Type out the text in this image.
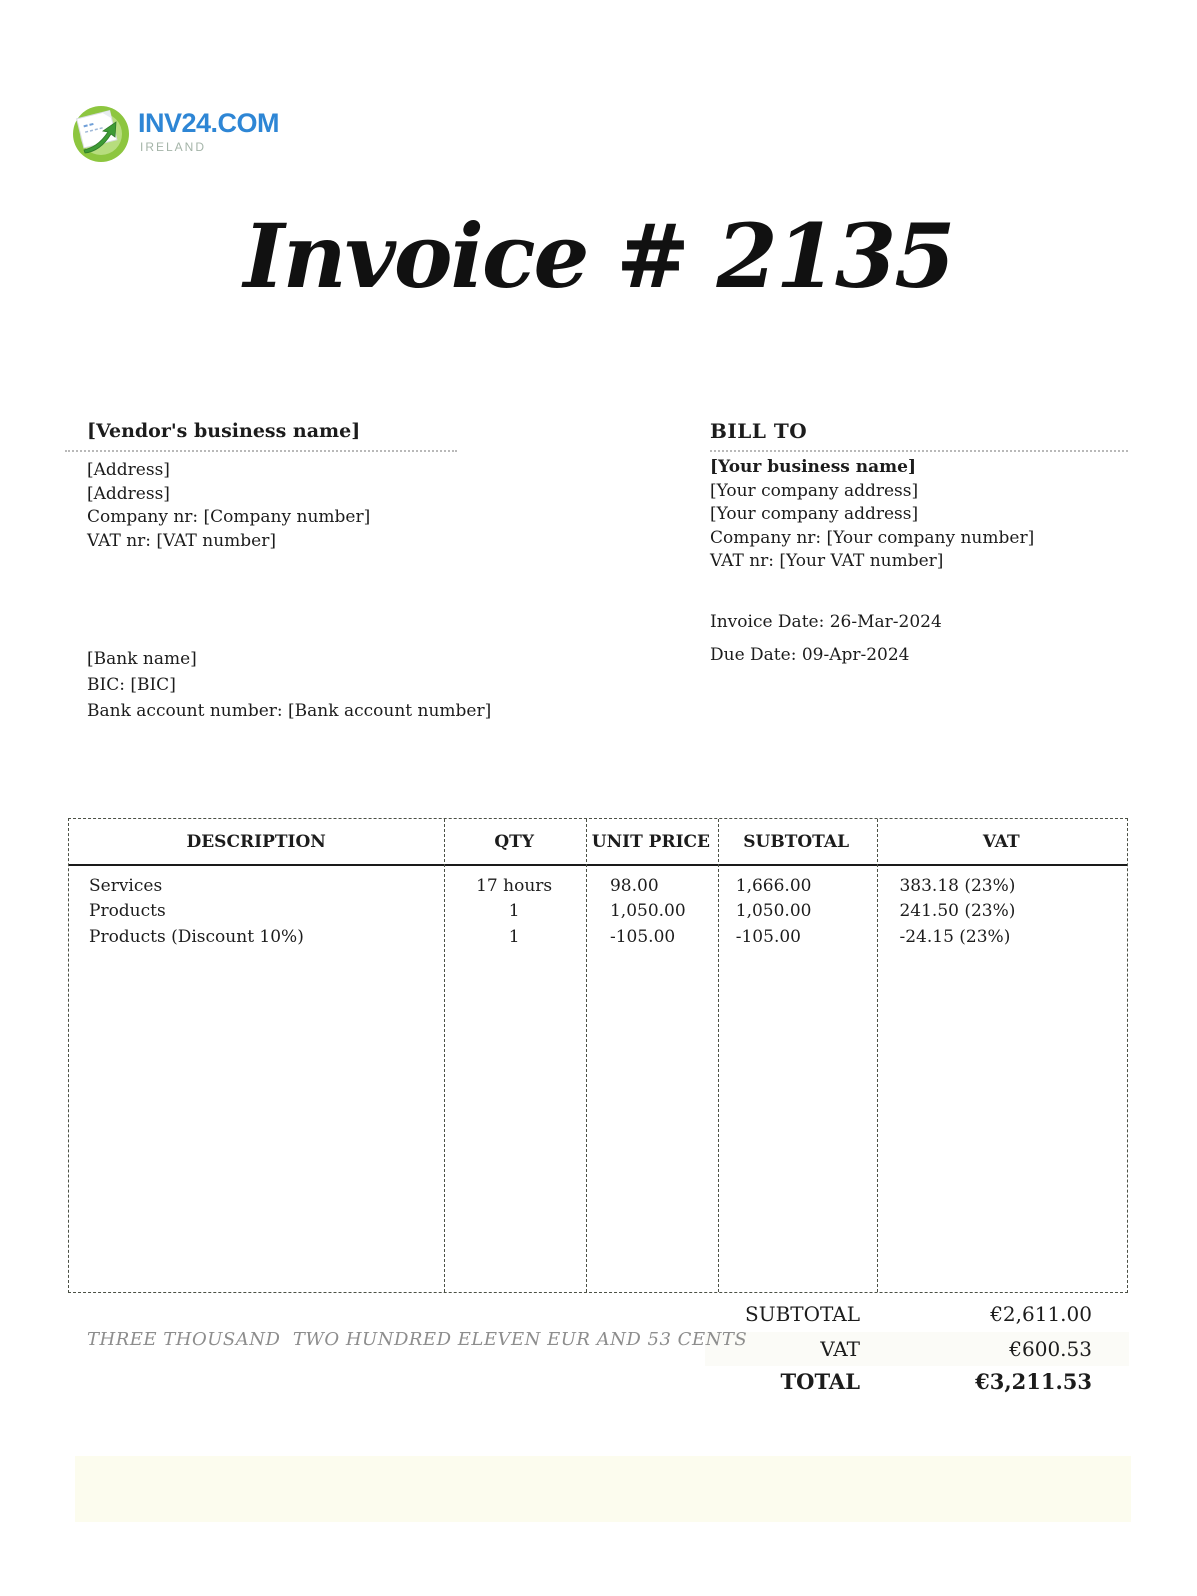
INV24.COM
IRELAND
Invoice # 2135
[Vendor's business name]
[Address]
[Address]
Company nr: [Company number]
VAT nr: [VAT number]
BILL TO
[Your business name]
[Your company address]
[Your company address]
Company nr: [Your company number]
VAT nr: [Your VAT number]
Invoice Date: 26-Mar-2024
Due Date: 09-Apr-2024
[Bank name]
BIC: [BIC]
Bank account number: [Bank account number]
DESCRIPTION	QTY	UNIT PRICE	SUBTOTAL	VAT
Services	17 hours	98.00	1,666.00	383.18 (23%)
Products	1	1,050.00	1,050.00	241.50 (23%)
Products (Discount 10%)	1	-105.00	-105.00	-24.15 (23%)
SUBTOTAL	€2,611.00
VAT	€600.53
TOTAL	€3,211.53
THREE THOUSAND  TWO HUNDRED ELEVEN EUR AND 53 CENTS
